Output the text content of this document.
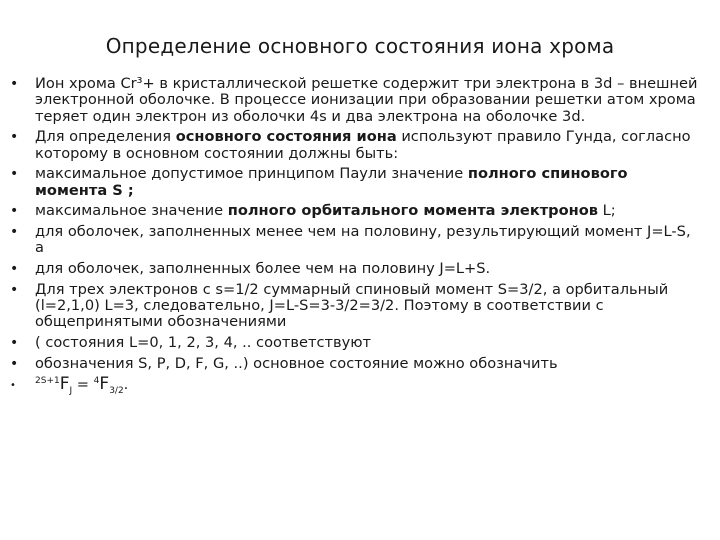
Определение основного состояния иона хрома
• Ион хрома Cr³+ в кристаллической решетке содержит три электрона в 3d – внешней электронной оболочке. В процессе ионизации при образовании решетки атом хрома теряет один электрон из оболочки 4s и два электрона на оболочке 3d.
• Для определения основного состояния иона используют правило Гунда, согласно которому в основном состоянии должны быть:
• максимальное допустимое принципом Паули значение полного спинового момента S ;
• максимальное значение полного орбитального момента электронов L;
• для оболочек, заполненных менее чем на половину, результирующий момент J=L-S, а
• для оболочек, заполненных более чем на половину J=L+S.
• Для трех электронов с s=1/2 суммарный спиновый момент S=3/2, а орбитальный (l=2,1,0) L=3, следовательно, J=L-S=3-3/2=3/2. Поэтому в соответствии с общепринятыми обозначениями
• ( состояния L=0, 1, 2, 3, 4, .. соответствуют
• обозначения S, P, D, F, G, ..) основное состояние можно обозначить
• $^{2S+1}F_J = ^4F_{3/2}$.
